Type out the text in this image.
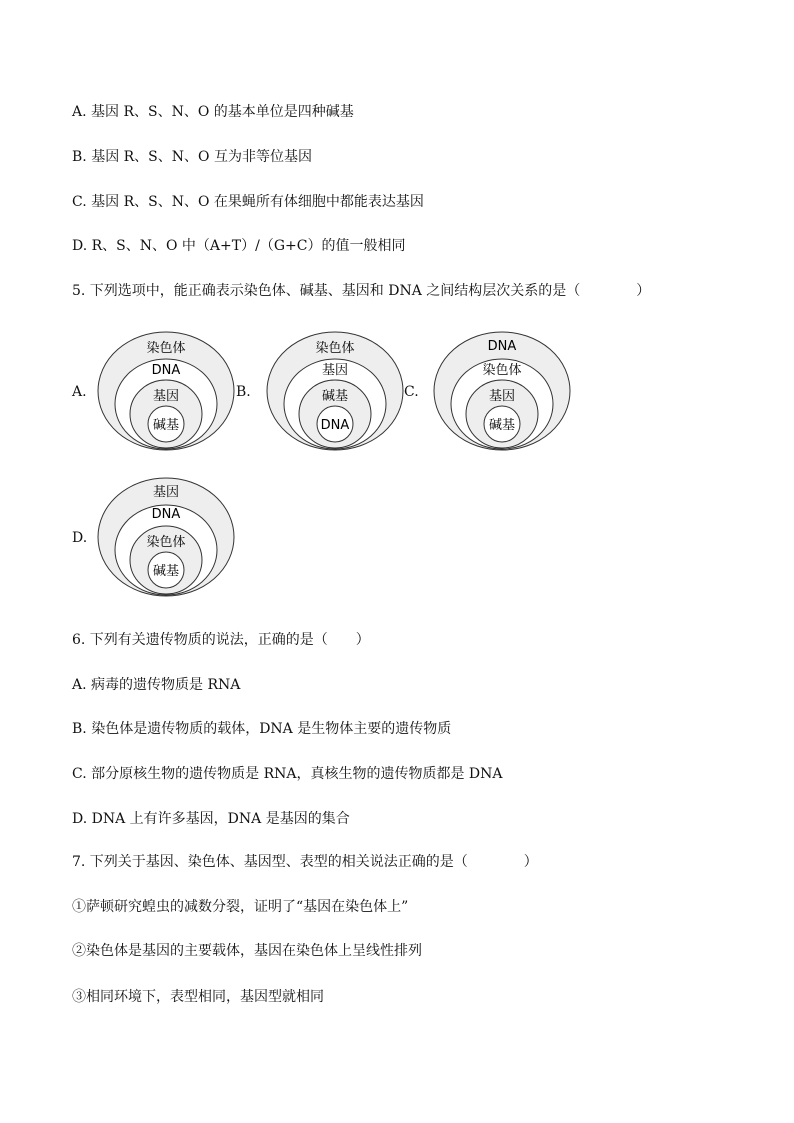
A. 基因 R、S、N、O 的基本单位是四种碱基
B. 基因 R、S、N、O 互为非等位基因
C. 基因 R、S、N、O 在果蝇所有体细胞中都能表达基因
D. R、S、N、O 中（A+T）/（G+C）的值一般相同
5. 下列选项中，能正确表示染色体、碱基、基因和 DNA 之间结构层次关系的是（　　　　）
A.
染色体
DNA
基因
碱基
B.
染色体
基因
碱基
DNA
C.
DNA
染色体
基因
碱基
D.
基因
DNA
染色体
碱基
6. 下列有关遗传物质的说法，正确的是（　　）
A. 病毒的遗传物质是 RNA
B. 染色体是遗传物质的载体，DNA 是生物体主要的遗传物质
C. 部分原核生物的遗传物质是 RNA，真核生物的遗传物质都是 DNA
D. DNA 上有许多基因，DNA 是基因的集合
7. 下列关于基因、染色体、基因型、表型的相关说法正确的是（　　　　）
①萨顿研究蝗虫的减数分裂，证明了“基因在染色体上”
②染色体是基因的主要载体，基因在染色体上呈线性排列
③相同环境下，表型相同，基因型就相同
